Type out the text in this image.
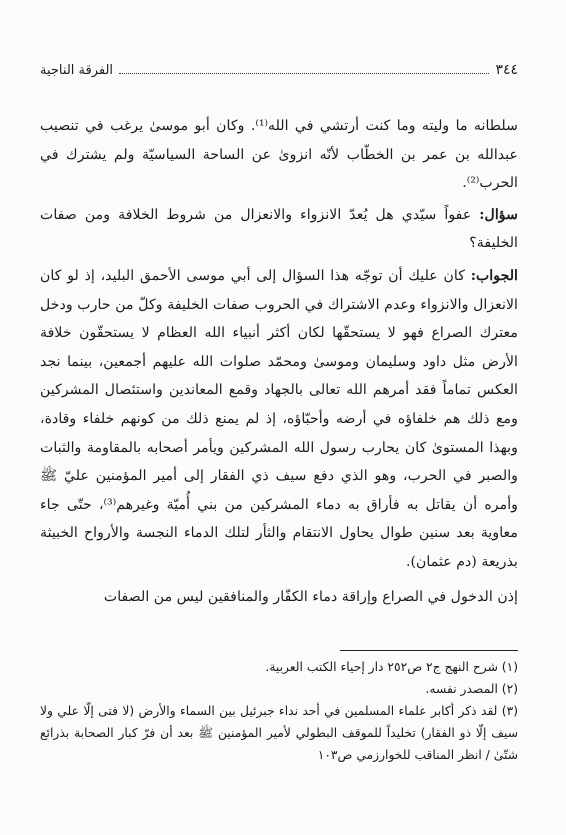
٣٤٤
الفرقة الناجية

سلطانه ما وليته وما كنت أرتشي في الله⁽¹⁾. وكان أبو موسىٰ يرغب في تنصيب عبدالله بن عمر بن الخطّاب لأنّه انزوىٰ عن الساحة السياسيّة ولم يشترك في الحرب⁽²⁾.

سؤال: عفواً سيّدي هل يُعدّ الانزواء والانعزال من شروط الخلافة ومن صفات الخليفة؟

الجواب: كان عليك أن توجّه هذا السؤال إلى أبي موسى الأحمق البليد، إذ لو كان الانعزال والانزواء وعدم الاشتراك في الحروب صفات الخليفة وكلّ من حارب ودخل معترك الصراع فهو لا يستحقّها لكان أكثر أنبياء الله العظام لا يستحقّون خلافة الأرض مثل داود وسليمان وموسىٰ ومحمّد صلوات الله عليهم أجمعين، بينما نجد العكس تماماً فقد أمرهم الله تعالى بالجهاد وقمع المعاندين واستئصال المشركين ومع ذلك هم خلفاؤه في أرضه وأحبّاؤه، إذ لم يمنع ذلك من كونهم خلفاء وقادة، وبهذا المستوىٰ كان يحارب رسول الله المشركين ويأمر أصحابه بالمقاومة والثبات والصبر في الحرب، وهو الذي دفع سيف ذي الفقار إلى أمير المؤمنين عليّ ﷺ وأمره أن يقاتل به فأراق به دماء المشركين من بني أُميّة وغيرهم⁽³⁾، حتّى جاء معاوية بعد سنين طوال يحاول الانتقام والثأر لتلك الدماء النجسة والأرواح الخبيثة بذريعة (دم عثمان).

إذن الدخول في الصراع وإراقة دماء الكفّار والمنافقين ليس من الصفات

(١) شرح النهج ج٢ ص٢٥٢ دار إحياء الكتب العربية.

(٢) المصدر نفسه.

(٣) لقد ذكر أكابر علماء المسلمين في أحد نداء جبرئيل بين السماء والأرض (لا فتى إلّا علي ولا سيف إلّا ذو الفقار) تخليداً للموقف البطولي لأمير المؤمنين ﷺ بعد أن فرّ كبار الصحابة بذرائع شتّىٰ / انظر المناقب للخوارزمي ص١٠٣
